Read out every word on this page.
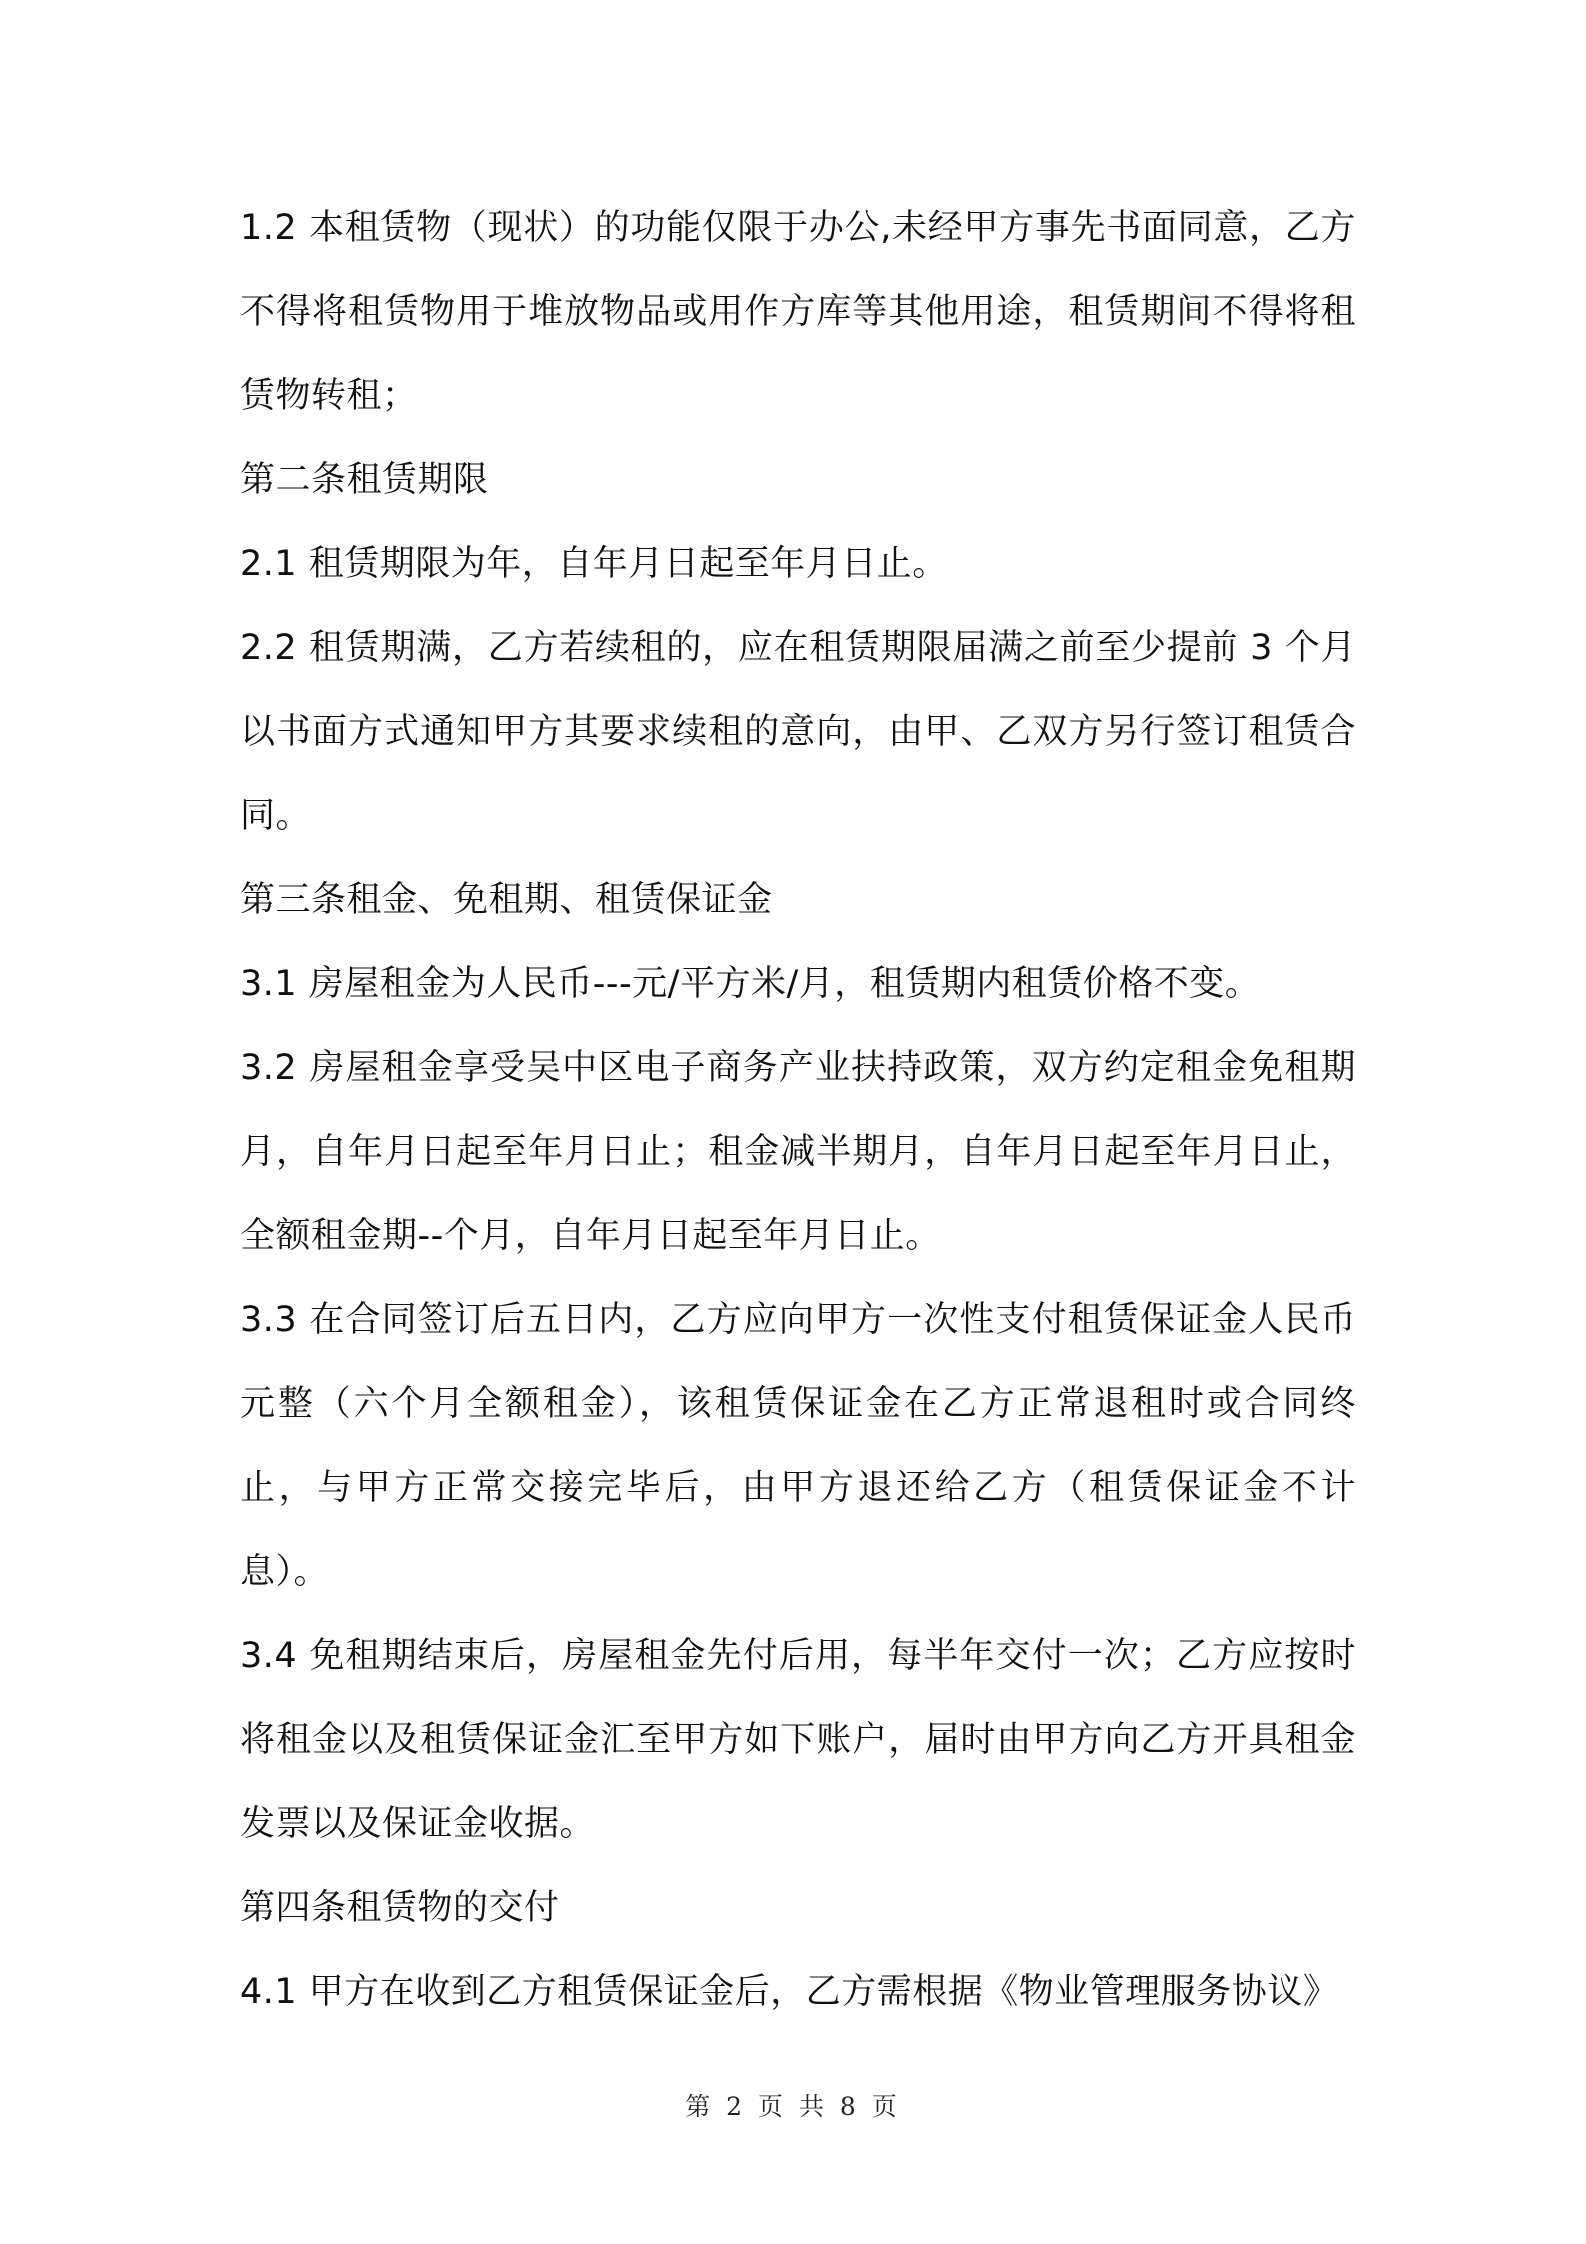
1.2 本租赁物（现状）的功能仅限于办公,未经甲方事先书面同意，乙方不得将租赁物用于堆放物品或用作方库等其他用途，租赁期间不得将租赁物转租；

第二条租赁期限

2.1 租赁期限为年，自年月日起至年月日止。

2.2 租赁期满，乙方若续租的，应在租赁期限届满之前至少提前 3 个月以书面方式通知甲方其要求续租的意向，由甲、乙双方另行签订租赁合同。

第三条租金、免租期、租赁保证金

3.1 房屋租金为人民币---元/平方米/月，租赁期内租赁价格不变。

3.2 房屋租金享受吴中区电子商务产业扶持政策，双方约定租金免租期月，自年月日起至年月日止；租金减半期月，自年月日起至年月日止，全额租金期--个月，自年月日起至年月日止。

3.3 在合同签订后五日内，乙方应向甲方一次性支付租赁保证金人民币元整（六个月全额租金），该租赁保证金在乙方正常退租时或合同终止，与甲方正常交接完毕后，由甲方退还给乙方（租赁保证金不计息）。

3.4 免租期结束后，房屋租金先付后用，每半年交付一次；乙方应按时将租金以及租赁保证金汇至甲方如下账户，届时由甲方向乙方开具租金发票以及保证金收据。

第四条租赁物的交付

4.1 甲方在收到乙方租赁保证金后，乙方需根据《物业管理服务协议》

第 2 页 共 8 页
